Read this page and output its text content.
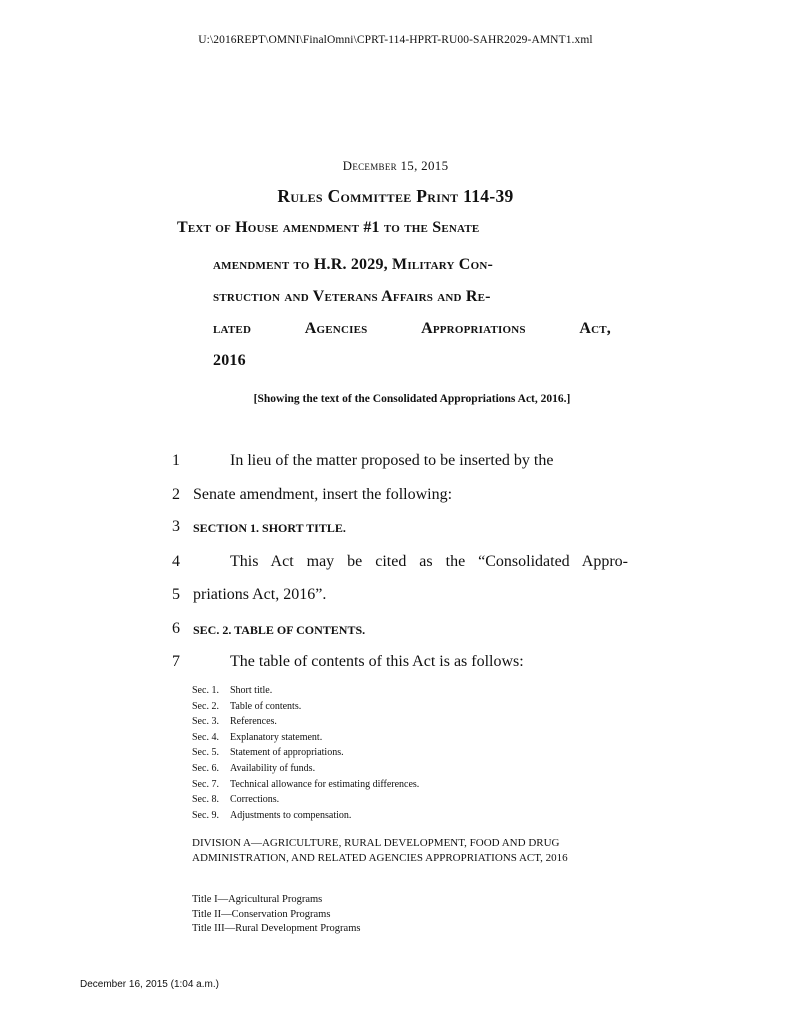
U:\2016REPT\OMNI\FinalOmni\CPRT-114-HPRT-RU00-SAHR2029-AMNT1.xml
December 15, 2015
Rules Committee Print 114-39
Text of House amendment #1 to the Senate
amendment to H.R. 2029, Military Con-
struction and Veterans Affairs and Re-
lated Agencies Appropriations Act,
2016
[Showing the text of the Consolidated Appropriations Act, 2016.]
1	In lieu of the matter proposed to be inserted by the
2 Senate amendment, insert the following:
3	SECTION 1. SHORT TITLE.
4	This Act may be cited as the “Consolidated Appro-
5 priations Act, 2016”.
6	SEC. 2. TABLE OF CONTENTS.
7	The table of contents of this Act is as follows:
Sec. 1. Short title.
Sec. 2. Table of contents.
Sec. 3. References.
Sec. 4. Explanatory statement.
Sec. 5. Statement of appropriations.
Sec. 6. Availability of funds.
Sec. 7. Technical allowance for estimating differences.
Sec. 8. Corrections.
Sec. 9. Adjustments to compensation.
DIVISION A—AGRICULTURE, RURAL DEVELOPMENT, FOOD AND DRUG ADMINISTRATION, AND RELATED AGENCIES APPROPRIATIONS ACT, 2016
Title I—Agricultural Programs
Title II—Conservation Programs
Title III—Rural Development Programs
December 16, 2015 (1:04 a.m.)
